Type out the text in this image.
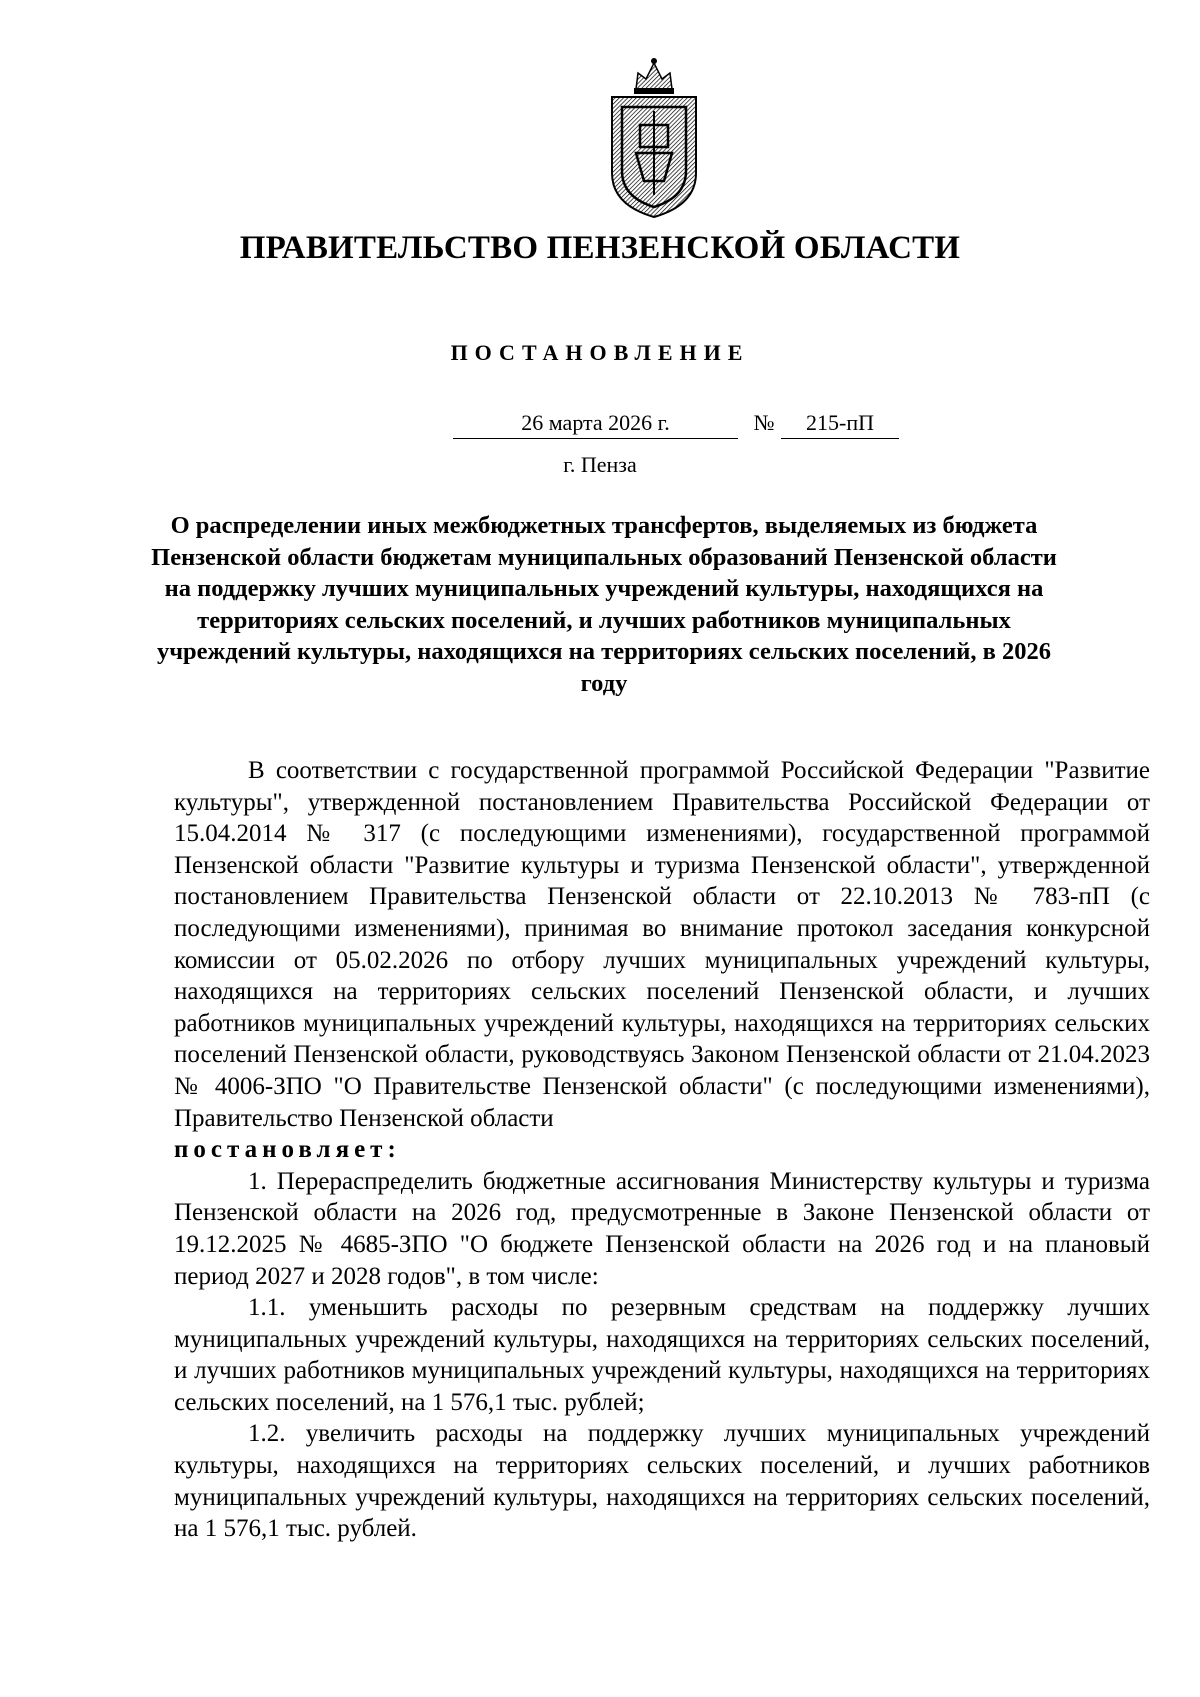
ПРАВИТЕЛЬСТВО ПЕНЗЕНСКОЙ ОБЛАСТИ
ПОСТАНОВЛЕНИЕ
26 марта 2026 г.	№	215-пП
г. Пенза
О распределении иных межбюджетных трансфертов, выделяемых из бюджета Пензенской области бюджетам муниципальных образований Пензенской области на поддержку лучших муниципальных учреждений культуры, находящихся на территориях сельских поселений, и лучших работников муниципальных учреждений культуры, находящихся на территориях сельских поселений, в 2026 году

В соответствии с государственной программой Российской Федерации "Развитие культуры", утвержденной постановлением Правительства Российской Федерации от 15.04.2014 № 317 (с последующими изменениями), государственной программой Пензенской области "Развитие культуры и туризма Пензенской области", утвержденной постановлением Правительства Пензенской области от 22.10.2013 № 783-пП (с последующими изменениями), принимая во внимание протокол заседания конкурсной комиссии от 05.02.2026 по отбору лучших муниципальных учреждений культуры, находящихся на территориях сельских поселений Пензенской области, и лучших работников муниципальных учреждений культуры, находящихся на территориях сельских поселений Пензенской области, руководствуясь Законом Пензенской области от 21.04.2023 № 4006-ЗПО "О Правительстве Пензенской области" (с последующими изменениями), Правительство Пензенской области

постановляет:

1. Перераспределить бюджетные ассигнования Министерству культуры и туризма Пензенской области на 2026 год, предусмотренные в Законе Пензенской области от 19.12.2025 № 4685-ЗПО "О бюджете Пензенской области на 2026 год и на плановый период 2027 и 2028 годов", в том числе:

1.1. уменьшить расходы по резервным средствам на поддержку лучших муниципальных учреждений культуры, находящихся на территориях сельских поселений, и лучших работников муниципальных учреждений культуры, находящихся на территориях сельских поселений, на 1 576,1 тыс. рублей;

1.2. увеличить расходы на поддержку лучших муниципальных учреждений культуры, находящихся на территориях сельских поселений, и лучших работников муниципальных учреждений культуры, находящихся на территориях сельских поселений, на 1 576,1 тыс. рублей.
